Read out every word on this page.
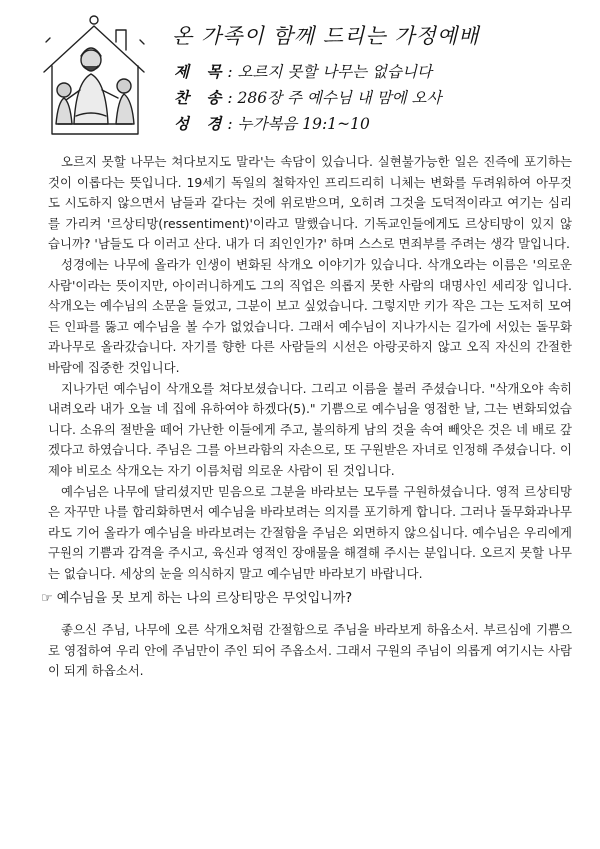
온 가족이 함께 드리는 가정예배
제 목: 오르지 못할 나무는 없습니다
찬 송: 286장 주 예수님 내 맘에 오사
성 경: 누가복음 19:1~10

오르지 못할 나무는 쳐다보지도 말라'는 속담이 있습니다. 실현불가능한 일은 진즉에 포기하는 것이 이롭다는 뜻입니다. 19세기 독일의 철학자인 프리드리히 니체는 변화를 두려워하여 아무것도 시도하지 않으면서 남들과 같다는 것에 위로받으며, 오히려 그것을 도덕적이라고 여기는 심리를 가리켜 '르상티망(ressentiment)'이라고 말했습니다. 기독교인들에게도 르상티망이 있지 않습니까? '남들도 다 이러고 산다. 내가 더 죄인인가?' 하며 스스로 면죄부를 주려는 생각 말입니다.

성경에는 나무에 올라가 인생이 변화된 삭개오 이야기가 있습니다. 삭개오라는 이름은 '의로운 사람'이라는 뜻이지만, 아이러니하게도 그의 직업은 의롭지 못한 사람의 대명사인 세리장 입니다. 삭개오는 예수님의 소문을 들었고, 그분이 보고 싶었습니다. 그렇지만 키가 작은 그는 도저히 모여든 인파를 뚫고 예수님을 볼 수가 없었습니다. 그래서 예수님이 지나가시는 길가에 서있는 돌무화과나무로 올라갔습니다. 자기를 향한 다른 사람들의 시선은 아랑곳하지 않고 오직 자신의 간절한 바람에 집중한 것입니다.

지나가던 예수님이 삭개오를 쳐다보셨습니다. 그리고 이름을 불러 주셨습니다. "삭개오야 속히 내려오라 내가 오늘 네 집에 유하여야 하겠다(5)." 기쁨으로 예수님을 영접한 날, 그는 변화되었습니다. 소유의 절반을 떼어 가난한 이들에게 주고, 불의하게 남의 것을 속여 빼앗은 것은 네 배로 갚겠다고 하였습니다. 주님은 그를 아브라함의 자손으로, 또 구원받은 자녀로 인정해 주셨습니다. 이제야 비로소 삭개오는 자기 이름처럼 의로운 사람이 된 것입니다.

예수님은 나무에 달리셨지만 믿음으로 그분을 바라보는 모두를 구원하셨습니다. 영적 르상티망은 자꾸만 나를 합리화하면서 예수님을 바라보려는 의지를 포기하게 합니다. 그러나 돌무화과나무라도 기어 올라가 예수님을 바라보려는 간절함을 주님은 외면하지 않으십니다. 예수님은 우리에게 구원의 기쁨과 감격을 주시고, 육신과 영적인 장애물을 해결해 주시는 분입니다. 오르지 못할 나무는 없습니다. 세상의 눈을 의식하지 말고 예수님만 바라보기 바랍니다.

☞ 예수님을 못 보게 하는 나의 르상티망은 무엇입니까?

좋으신 주님, 나무에 오른 삭개오처럼 간절함으로 주님을 바라보게 하옵소서. 부르심에 기쁨으로 영접하여 우리 안에 주님만이 주인 되어 주옵소서. 그래서 구원의 주님이 의롭게 여기시는 사람이 되게 하옵소서.
